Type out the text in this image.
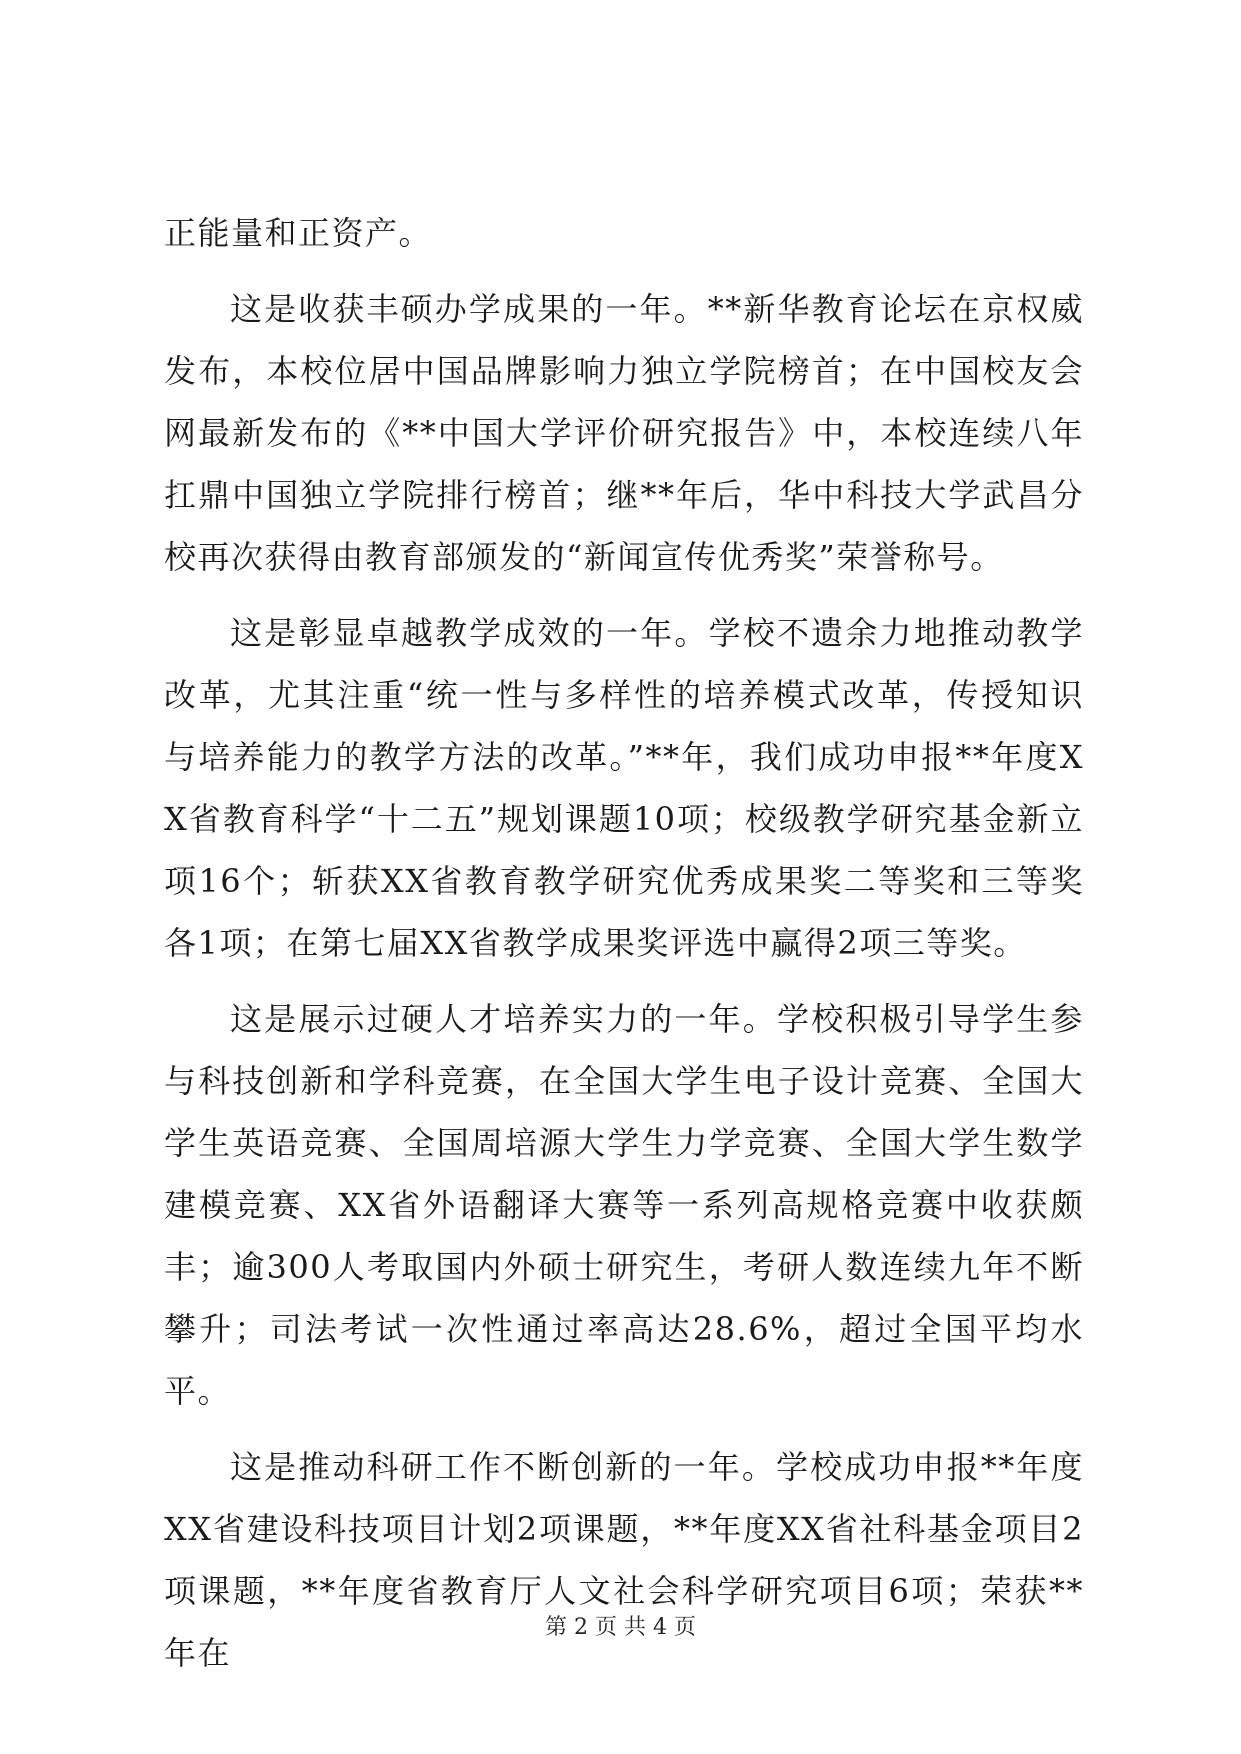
正能量和正资产。

这是收获丰硕办学成果的一年。**新华教育论坛在京权威发布，本校位居中国品牌影响力独立学院榜首；在中国校友会网最新发布的《**中国大学评价研究报告》中，本校连续八年扛鼎中国独立学院排行榜首；继**年后，华中科技大学武昌分校再次获得由教育部颁发的“新闻宣传优秀奖”荣誉称号。

这是彰显卓越教学成效的一年。学校不遗余力地推动教学改革，尤其注重“统一性与多样性的培养模式改革，传授知识与培养能力的教学方法的改革。”**年，我们成功申报**年度XX省教育科学“十二五”规划课题10项；校级教学研究基金新立项16个；斩获XX省教育教学研究优秀成果奖二等奖和三等奖各1项；在第七届XX省教学成果奖评选中赢得2项三等奖。

这是展示过硬人才培养实力的一年。学校积极引导学生参与科技创新和学科竞赛，在全国大学生电子设计竞赛、全国大学生英语竞赛、全国周培源大学生力学竞赛、全国大学生数学建模竞赛、XX省外语翻译大赛等一系列高规格竞赛中收获颇丰；逾300人考取国内外硕士研究生，考研人数连续九年不断攀升；司法考试一次性通过率高达28.6%，超过全国平均水平。

这是推动科研工作不断创新的一年。学校成功申报**年度XX省建设科技项目计划2项课题，**年度XX省社科基金项目2项课题，**年度省教育厅人文社会科学研究项目6项；荣获**年在

第 2 页 共 4 页
